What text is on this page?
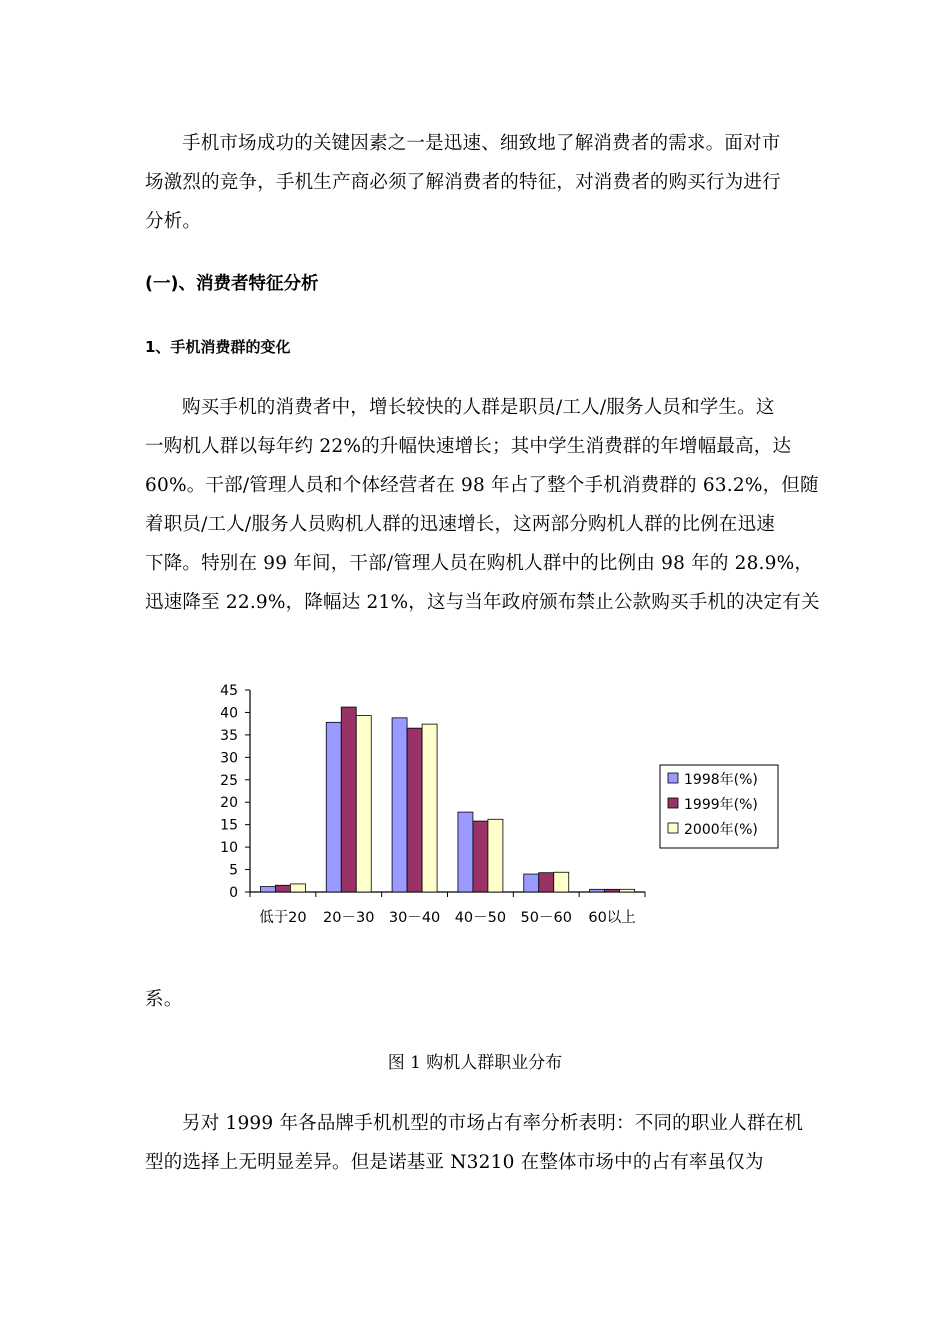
手机市场成功的关键因素之一是迅速、细致地了解消费者的需求。面对市
场激烈的竞争，手机生产商必须了解消费者的特征，对消费者的购买行为进行
分析。
(一)、消费者特征分析
1、手机消费群的变化
购买手机的消费者中，增长较快的人群是职员/工人/服务人员和学生。这
一购机人群以每年约 22%的升幅快速增长；其中学生消费群的年增幅最高，达
60%。干部/管理人员和个体经营者在 98 年占了整个手机消费群的 63.2%，但随
着职员/工人/服务人员购机人群的迅速增长，这两部分购机人群的比例在迅速
下降。特别在 99 年间，干部/管理人员在购机人群中的比例由 98 年的 28.9%，
迅速降至 22.9%，降幅达 21%，这与当年政府颁布禁止公款购买手机的决定有关
0
5
10
15
20
25
30
35
40
45
低于20 20－30 30－40 40－50 50－60 60以上
1998年(%)
1999年(%)
2000年(%)
系。

图 1 购机人群职业分布

另对 1999 年各品牌手机机型的市场占有率分析表明：不同的职业人群在机
型的选择上无明显差异。但是诺基亚 N3210 在整体市场中的占有率虽仅为
